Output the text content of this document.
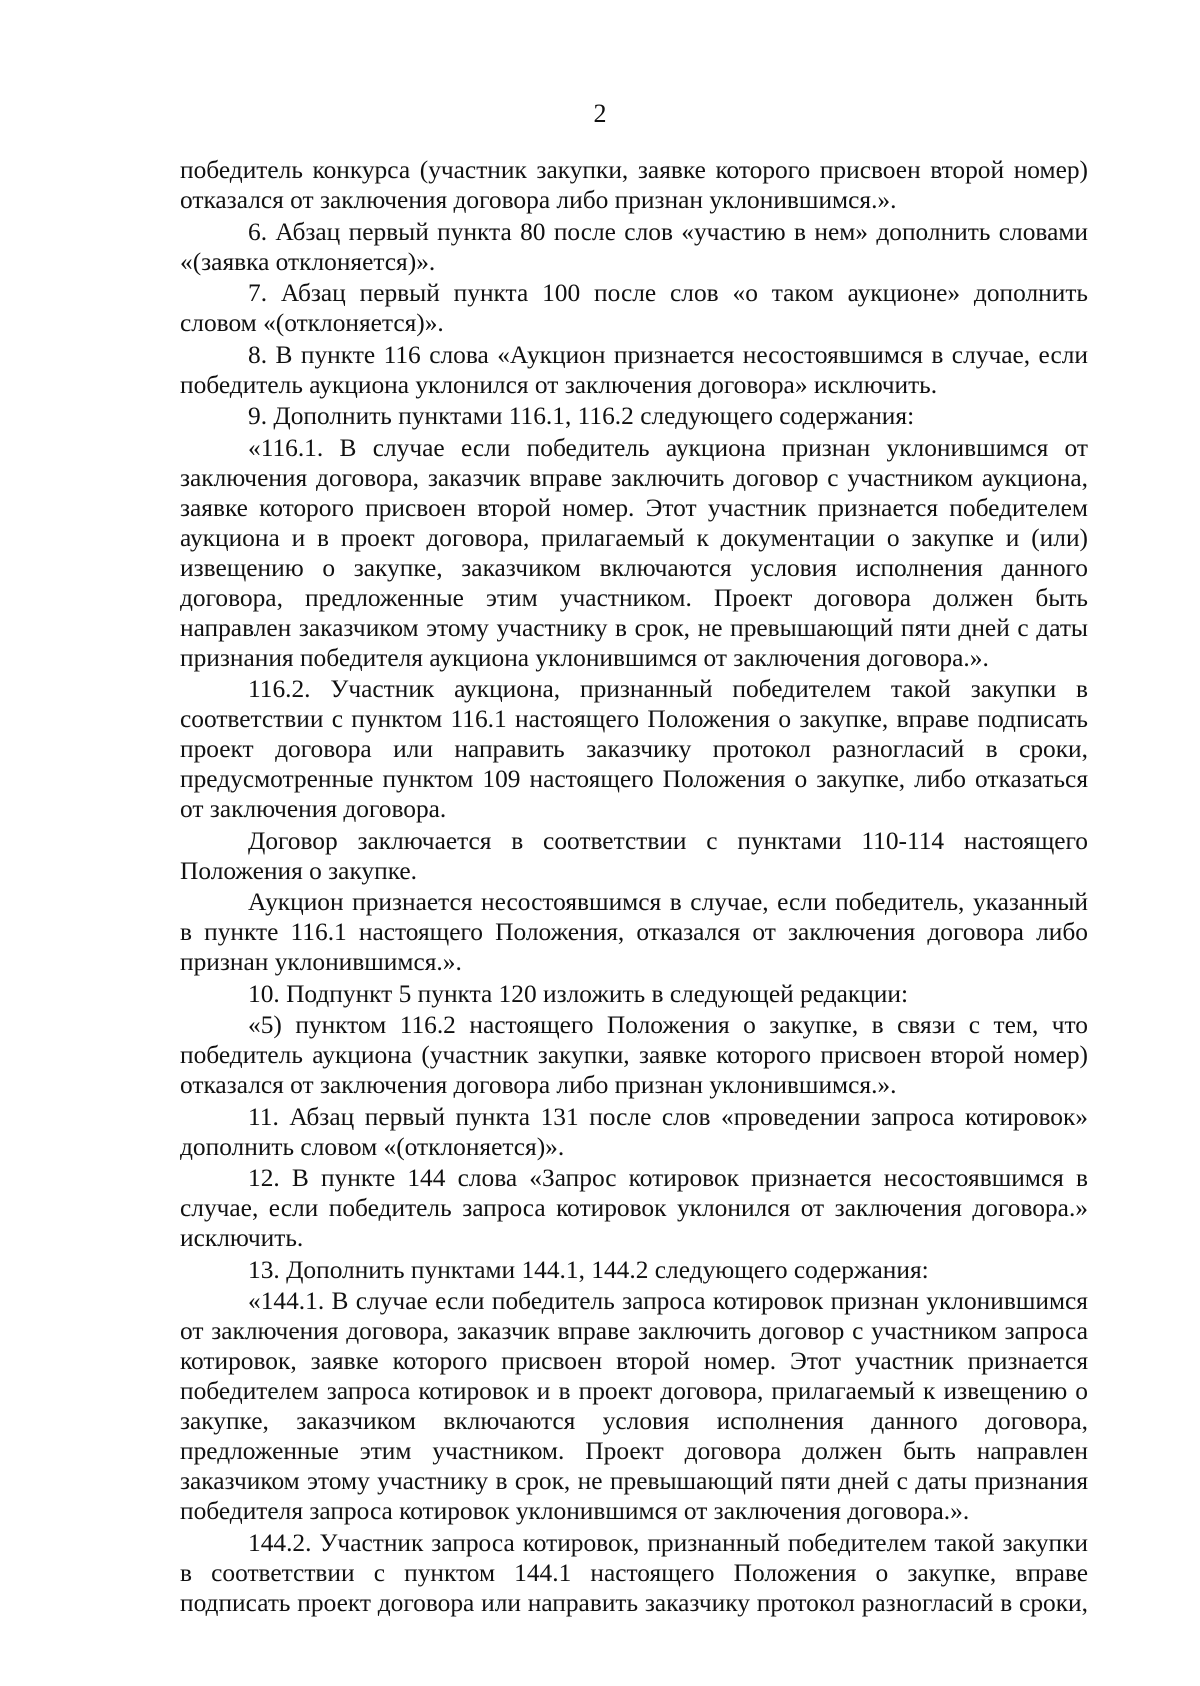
2

победитель конкурса (участник закупки, заявке которого присвоен второй номер) отказался от заключения договора либо признан уклонившимся.».

6. Абзац первый пункта 80 после слов «участию в нем» дополнить словами «(заявка отклоняется)».

7. Абзац первый пункта 100 после слов «о таком аукционе» дополнить словом «(отклоняется)».

8. В пункте 116 слова «Аукцион признается несостоявшимся в случае, если победитель аукциона уклонился от заключения договора» исключить.

9. Дополнить пунктами 116.1, 116.2 следующего содержания:

«116.1. В случае если победитель аукциона признан уклонившимся от заключения договора, заказчик вправе заключить договор с участником аукциона, заявке которого присвоен второй номер. Этот участник признается победителем аукциона и в проект договора, прилагаемый к документации о закупке и (или) извещению о закупке, заказчиком включаются условия исполнения данного договора, предложенные этим участником. Проект договора должен быть направлен заказчиком этому участнику в срок, не превышающий пяти дней с даты признания победителя аукциона уклонившимся от заключения договора.».

116.2. Участник аукциона, признанный победителем такой закупки в соответствии с пунктом 116.1 настоящего Положения о закупке, вправе подписать проект договора или направить заказчику протокол разногласий в сроки, предусмотренные пунктом 109 настоящего Положения о закупке, либо отказаться от заключения договора.

Договор заключается в соответствии с пунктами 110-114 настоящего Положения о закупке.

Аукцион признается несостоявшимся в случае, если победитель, указанный в пункте 116.1 настоящего Положения, отказался от заключения договора либо признан уклонившимся.».

10. Подпункт 5 пункта 120 изложить в следующей редакции:

«5) пунктом 116.2 настоящего Положения о закупке, в связи с тем, что победитель аукциона (участник закупки, заявке которого присвоен второй номер) отказался от заключения договора либо признан уклонившимся.».

11. Абзац первый пункта 131 после слов «проведении запроса котировок» дополнить словом «(отклоняется)».

12. В пункте 144 слова «Запрос котировок признается несостоявшимся в случае, если победитель запроса котировок уклонился от заключения договора.» исключить.

13. Дополнить пунктами 144.1, 144.2 следующего содержания:

«144.1. В случае если победитель запроса котировок признан уклонившимся от заключения договора, заказчик вправе заключить договор с участником запроса котировок, заявке которого присвоен второй номер. Этот участник признается победителем запроса котировок и в проект договора, прилагаемый к извещению о закупке, заказчиком включаются условия исполнения данного договора, предложенные этим участником. Проект договора должен быть направлен заказчиком этому участнику в срок, не превышающий пяти дней с даты признания победителя запроса котировок уклонившимся от заключения договора.».

144.2. Участник запроса котировок, признанный победителем такой закупки в соответствии с пунктом 144.1 настоящего Положения о закупке, вправе подписать проект договора или направить заказчику протокол разногласий в сроки,
